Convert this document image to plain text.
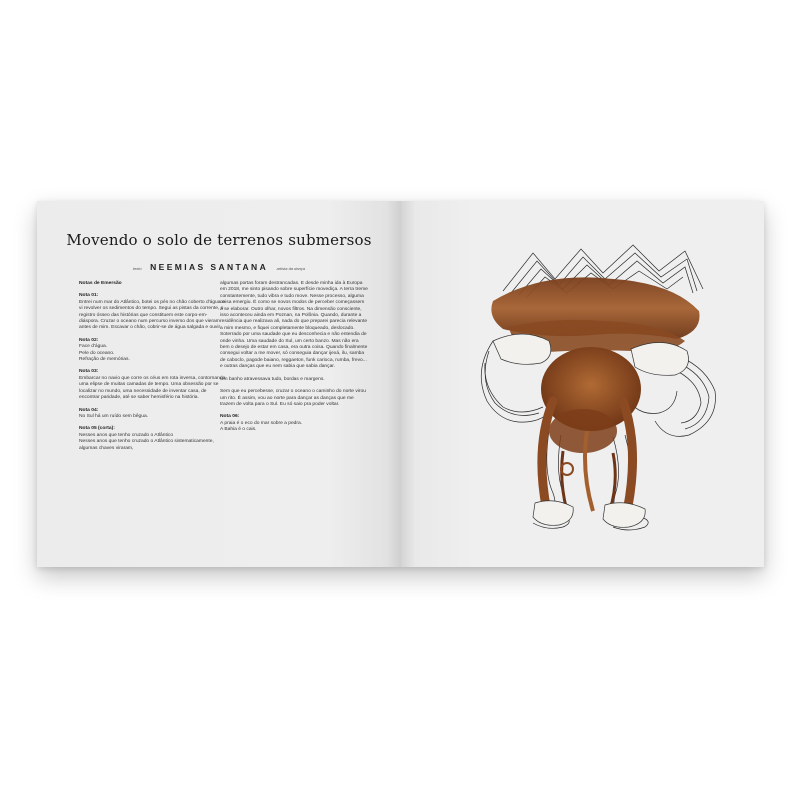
Movendo o solo de terrenos submersos
texto NEEMIAS SANTANA artista da dança

Notas de Emersão

Nota 01:

Entrei num mar do Atlântico, botei os pés no chão coberto d'água e vi revolver os sedimentos do tempo. Segui as pistas da corrente, o registro ósseo das histórias que constituem este corpo-em-diáspora. Cruzar o oceano num percurso inverso dos que vieram antes de mim. Escavar o chão, cobrir-se de água salgada e ouvir.

Nota 02:

Face d'água.
Pele do oceano.
Refração de memórias.

Nota 03:

Embarcar no navio que corre os céus em rota inversa, contornando uma elipse de muitas camadas de tempo. Uma obsessão por se localizar no mundo, uma necessidade de inventar casa, de encontrar paridade, até se saber hemisfério na história.

Nota 04:

No Sul há um ruído sem bêgua.

Nota 05 (corta):

Nesses anos que tenho cruzado o Atlântico
Nesses anos que tenho cruzado o Atlântico sistematicamente, algumas chaves viraram,

algumas portas foram destrancadas. E desde minha ida à Europa em 2018, me sinto pisando sobre superfície movediça. A terra treme constantemente, tudo vibra e tudo move. Nesse processo, alguma coisa emergiu. É como se novos modos de perceber começassem a se elaborar. Outro olhar, novos filtros. Na dimensão consciente, isso aconteceu ainda em Poznan, na Polônia. Quando, durante a residência que realizava ali, nada do que preparei parecia relevante a mim mesmo, e fiquei completamente bloqueado, deslocado. Soterrado por uma saudade que eu desconhecia e não entendia de onde vinha. Uma saudade do Sul, um certo banzo. Mas não era bem o desejo de estar em casa, era outra coisa. Quando finalmente consegui voltar a me mover, só conseguia dançar ijexá, ilu, samba de caboclo, pagode baiano, reggaeton, funk carioca, rumba, frevo... e outras danças que eu nem sabia que sabia dançar.

Um banho atravessava tudo, bordas e margens.

Sem que eu percebesse, cruzar o oceano o caminho do norte virou um rito. É assim, vou ao norte para dançar as danças que me trazem de volta para o Sul. Eu só saio pra poder voltar.

Nota 06:

A praia é o eco do mar sobre a pedra.
A Bahia é o cais.
